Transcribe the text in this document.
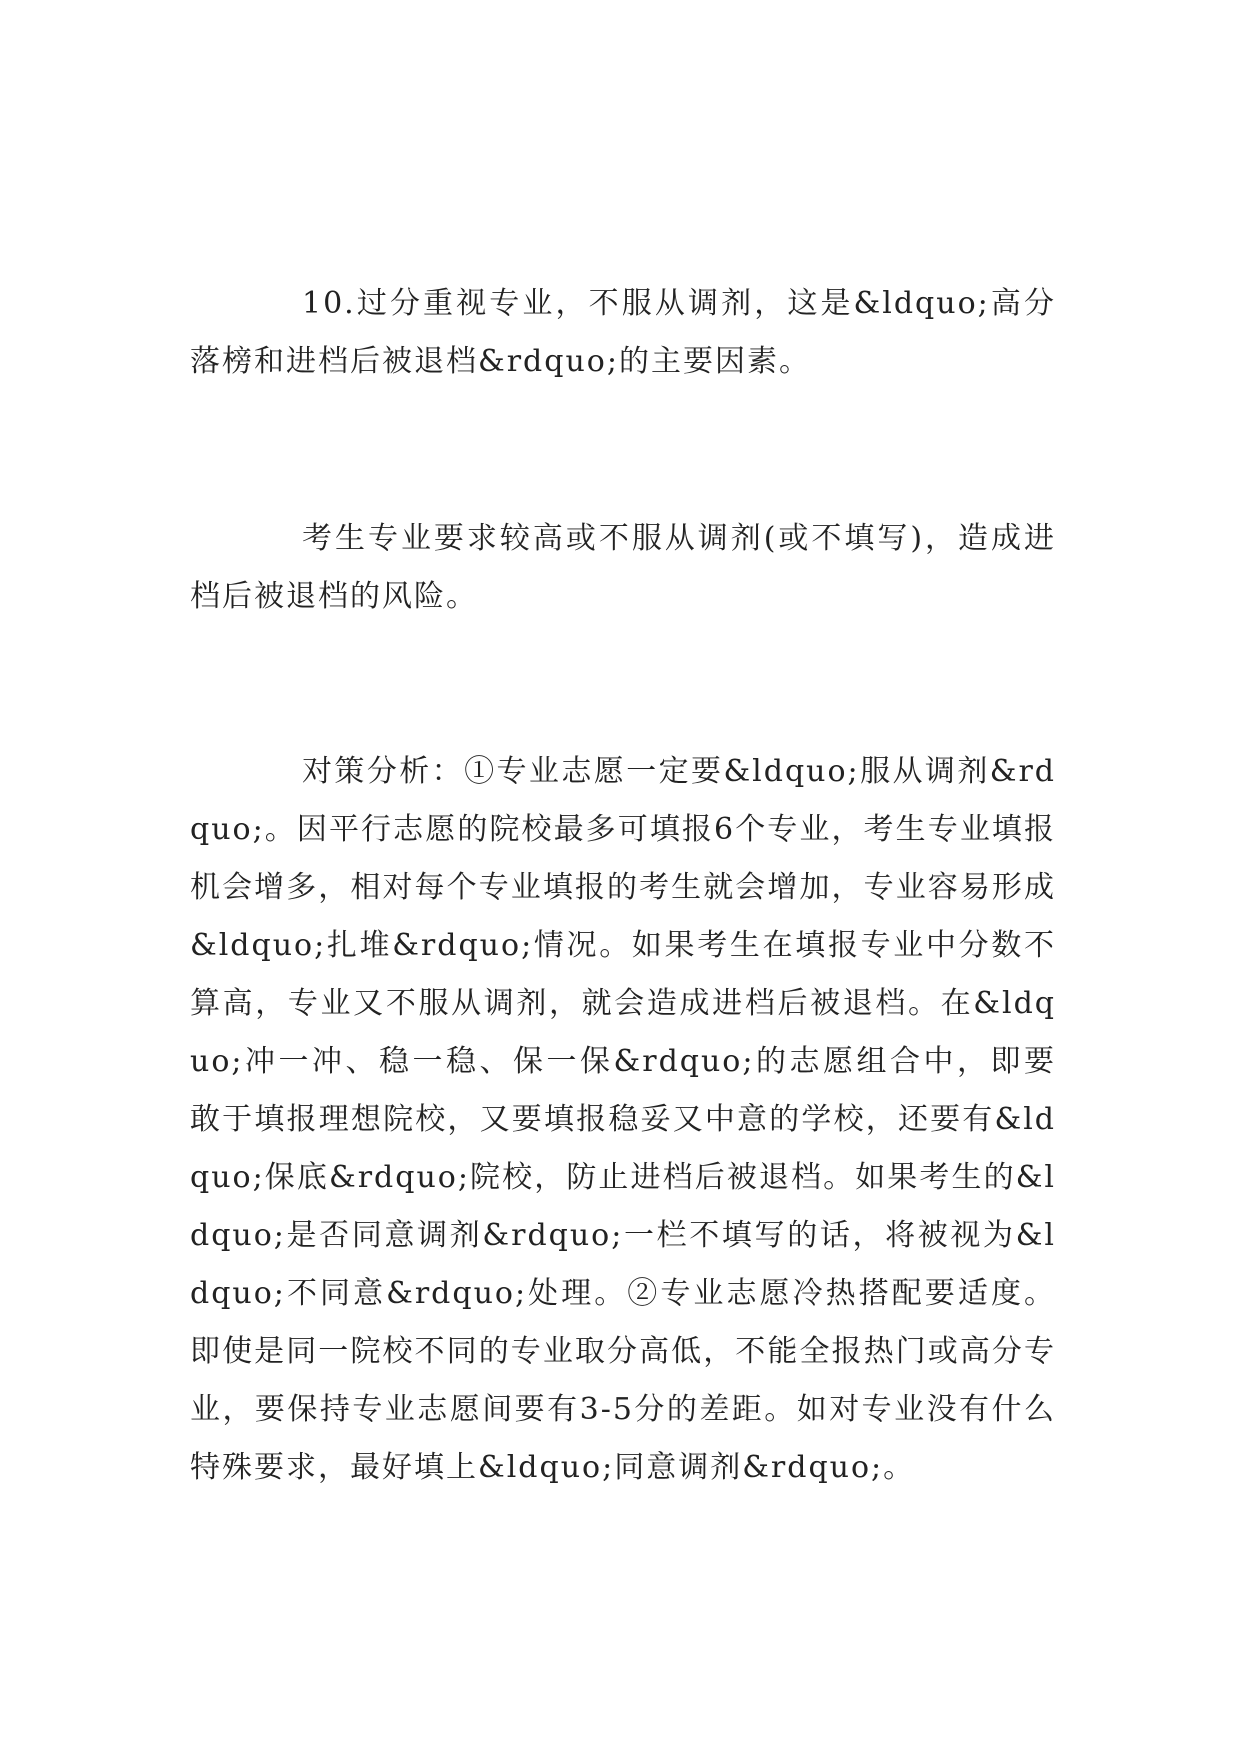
10.过分重视专业，不服从调剂，这是&ldquo;高分落榜和进档后被退档&rdquo;的主要因素。

考生专业要求较高或不服从调剂(或不填写)，造成进档后被退档的风险。

对策分析：①专业志愿一定要&ldquo;服从调剂&rdquo;。因平行志愿的院校最多可填报6个专业，考生专业填报机会增多，相对每个专业填报的考生就会增加，专业容易形成&ldquo;扎堆&rdquo;情况。如果考生在填报专业中分数不算高，专业又不服从调剂，就会造成进档后被退档。在&ldquo;冲一冲、稳一稳、保一保&rdquo;的志愿组合中，即要敢于填报理想院校，又要填报稳妥又中意的学校，还要有&ldquo;保底&rdquo;院校，防止进档后被退档。如果考生的&ldquo;是否同意调剂&rdquo;一栏不填写的话，将被视为&ldquo;不同意&rdquo;处理。②专业志愿冷热搭配要适度。即使是同一院校不同的专业取分高低，不能全报热门或高分专业，要保持专业志愿间要有3-5分的差距。如对专业没有什么特殊要求，最好填上&ldquo;同意调剂&rdquo;。
